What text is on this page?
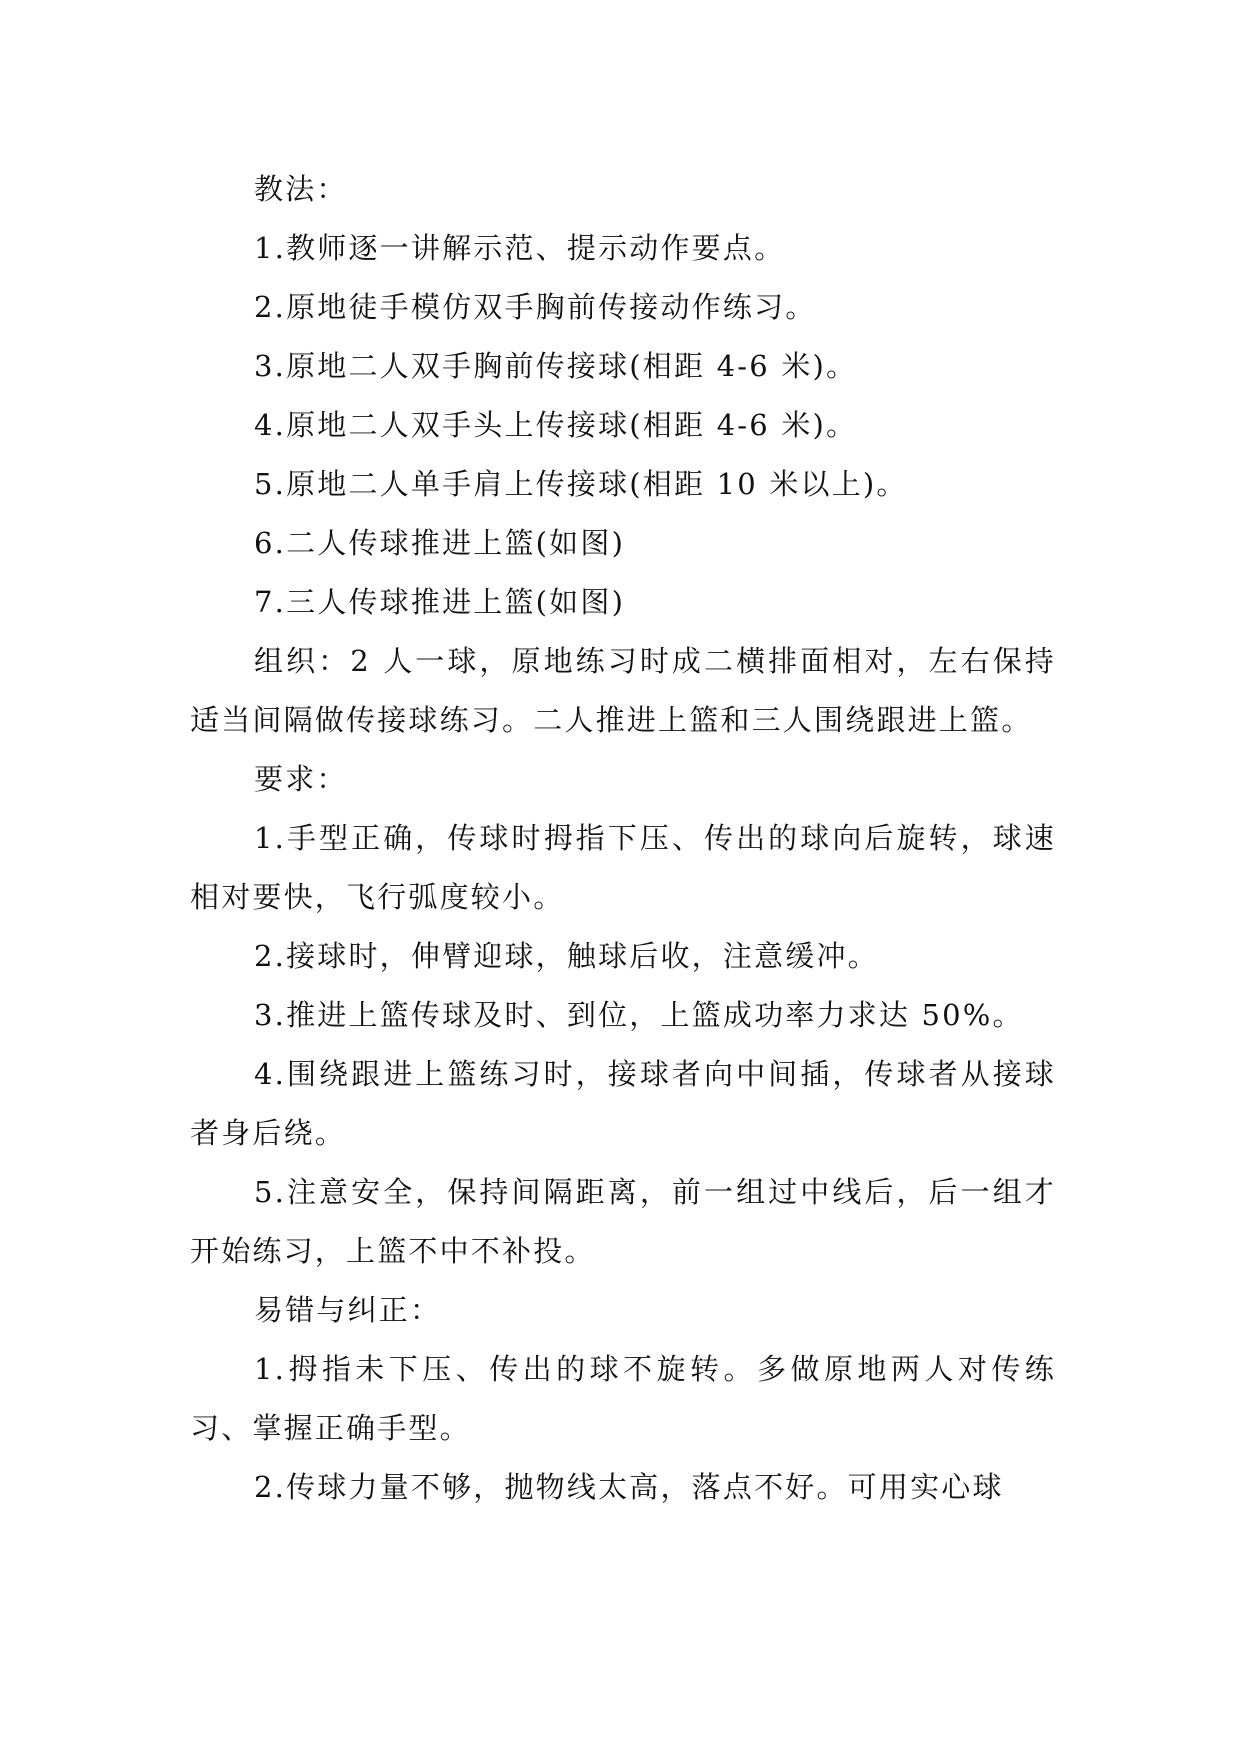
教法：

1.教师逐一讲解示范、提示动作要点。

2.原地徒手模仿双手胸前传接动作练习。

3.原地二人双手胸前传接球(相距 4-6 米)。

4.原地二人双手头上传接球(相距 4-6 米)。

5.原地二人单手肩上传接球(相距 10 米以上)。

6.二人传球推进上篮(如图)

7.三人传球推进上篮(如图)

组织：2 人一球，原地练习时成二横排面相对，左右保持适当间隔做传接球练习。二人推进上篮和三人围绕跟进上篮。

要求：

1.手型正确，传球时拇指下压、传出的球向后旋转，球速相对要快，飞行弧度较小。

2.接球时，伸臂迎球，触球后收，注意缓冲。

3.推进上篮传球及时、到位，上篮成功率力求达 50%。

4.围绕跟进上篮练习时，接球者向中间插，传球者从接球者身后绕。

5.注意安全，保持间隔距离，前一组过中线后，后一组才开始练习，上篮不中不补投。

易错与纠正：

1.拇指未下压、传出的球不旋转。多做原地两人对传练习、掌握正确手型。

2.传球力量不够，抛物线太高，落点不好。可用实心球
